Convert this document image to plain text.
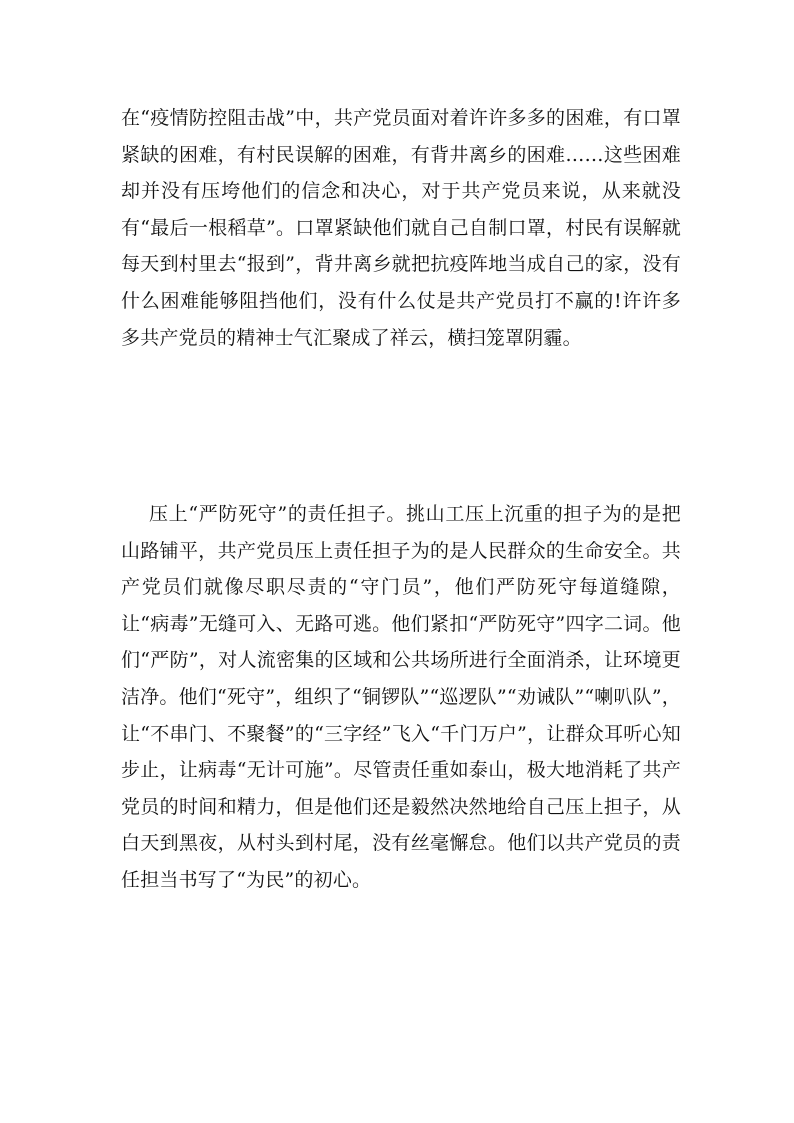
在“疫情防控阻击战”中，共产党员面对着许许多多的困难，有口罩紧缺的困难，有村民误解的困难，有背井离乡的困难……这些困难却并没有压垮他们的信念和决心，对于共产党员来说，从来就没有“最后一根稻草”。口罩紧缺他们就自己自制口罩，村民有误解就每天到村里去“报到”，背井离乡就把抗疫阵地当成自己的家，没有什么困难能够阻挡他们，没有什么仗是共产党员打不赢的!许许多多共产党员的精神士气汇聚成了祥云，横扫笼罩阴霾。

压上“严防死守”的责任担子。挑山工压上沉重的担子为的是把山路铺平，共产党员压上责任担子为的是人民群众的生命安全。共产党员们就像尽职尽责的“守门员”，他们严防死守每道缝隙，让“病毒”无缝可入、无路可逃。他们紧扣“严防死守”四字二词。他们“严防”，对人流密集的区域和公共场所进行全面消杀，让环境更洁净。他们“死守”，组织了“铜锣队”“巡逻队”“劝诫队”“喇叭队”，让“不串门、不聚餐”的“三字经”飞入“千门万户”，让群众耳听心知步止，让病毒“无计可施”。尽管责任重如泰山，极大地消耗了共产党员的时间和精力，但是他们还是毅然决然地给自己压上担子，从白天到黑夜，从村头到村尾，没有丝毫懈怠。他们以共产党员的责任担当书写了“为民”的初心。
